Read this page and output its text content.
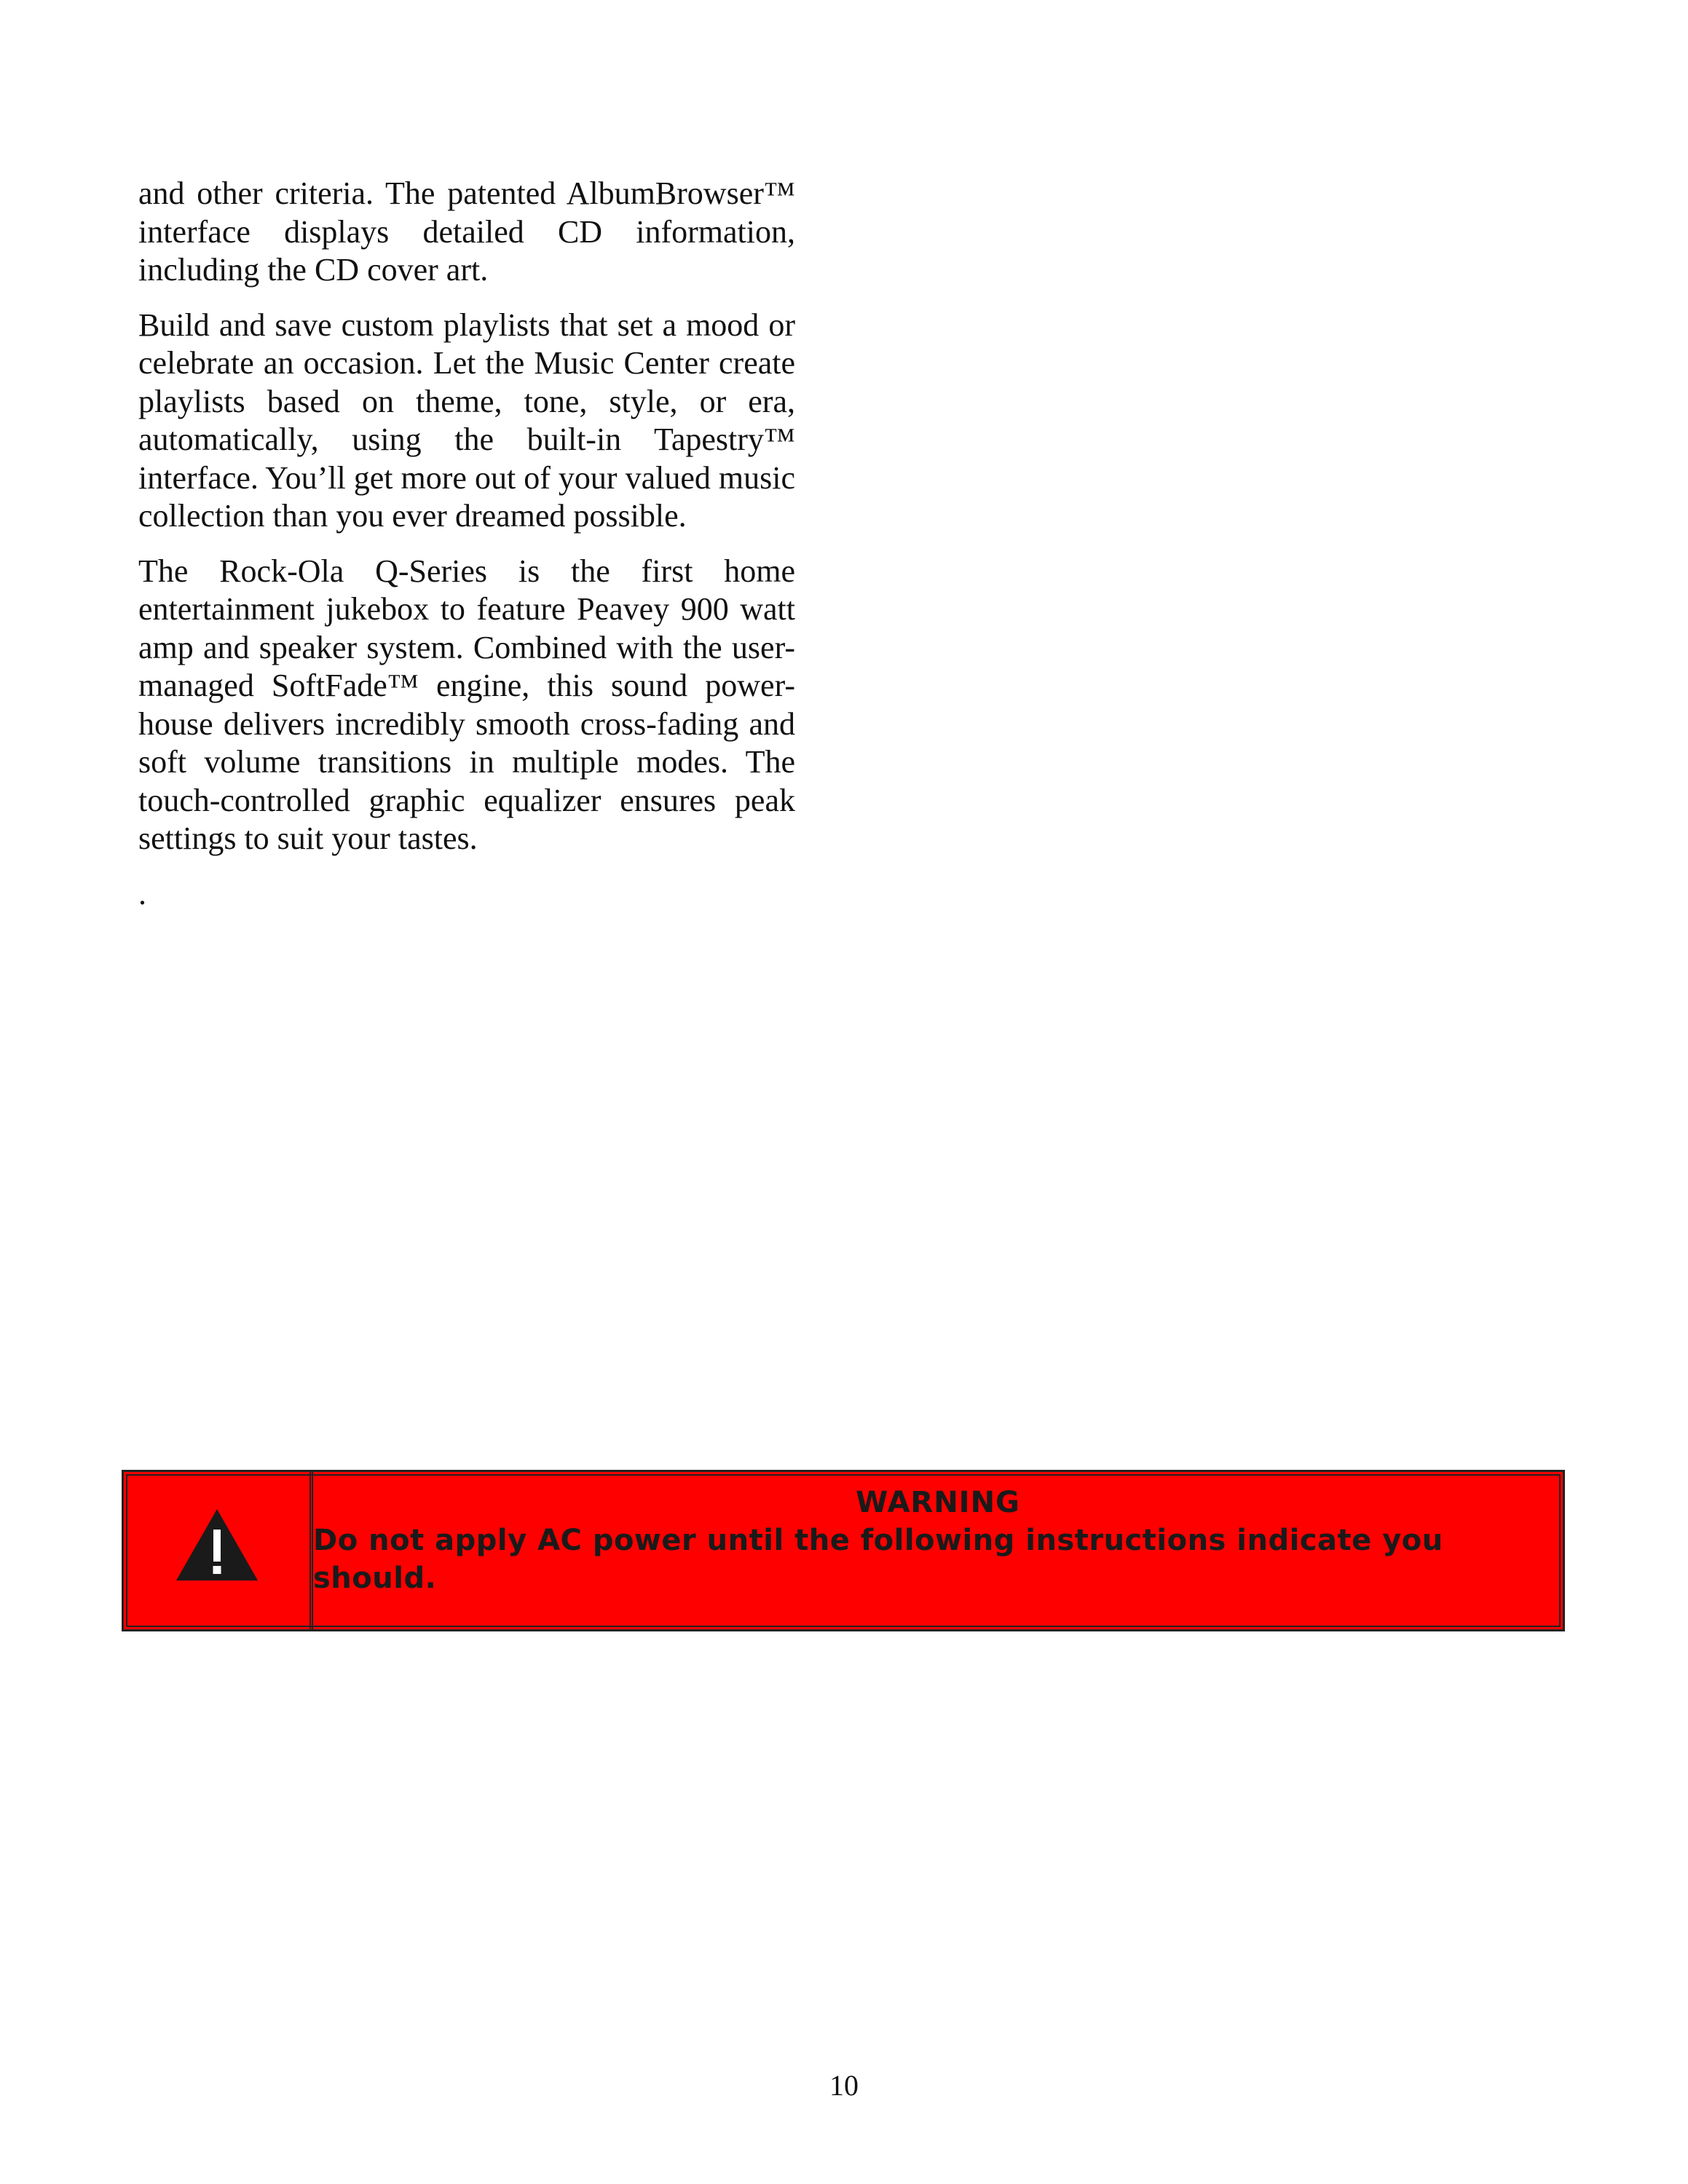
and other criteria. The patented AlbumBrowser™ interface displays detailed CD information, including the CD cover art.

Build and save custom playlists that set a mood or celebrate an occasion. Let the Music Center create playlists based on theme, tone, style, or era, automatically, using the built-in Tapestry™ interface. You’ll get more out of your valued music collection than you ever dreamed possible.

The Rock-Ola Q-Series is the first home entertainment jukebox to feature Peavey 900 watt amp and speaker system. Combined with the user-managed SoftFade™ engine, this sound power-house delivers incredibly smooth cross-fading and soft volume transitions in multiple modes. The touch-controlled graphic equalizer ensures peak settings to suit your tastes.

.

WARNING
Do not apply AC power until the following instructions indicate you should.
10
